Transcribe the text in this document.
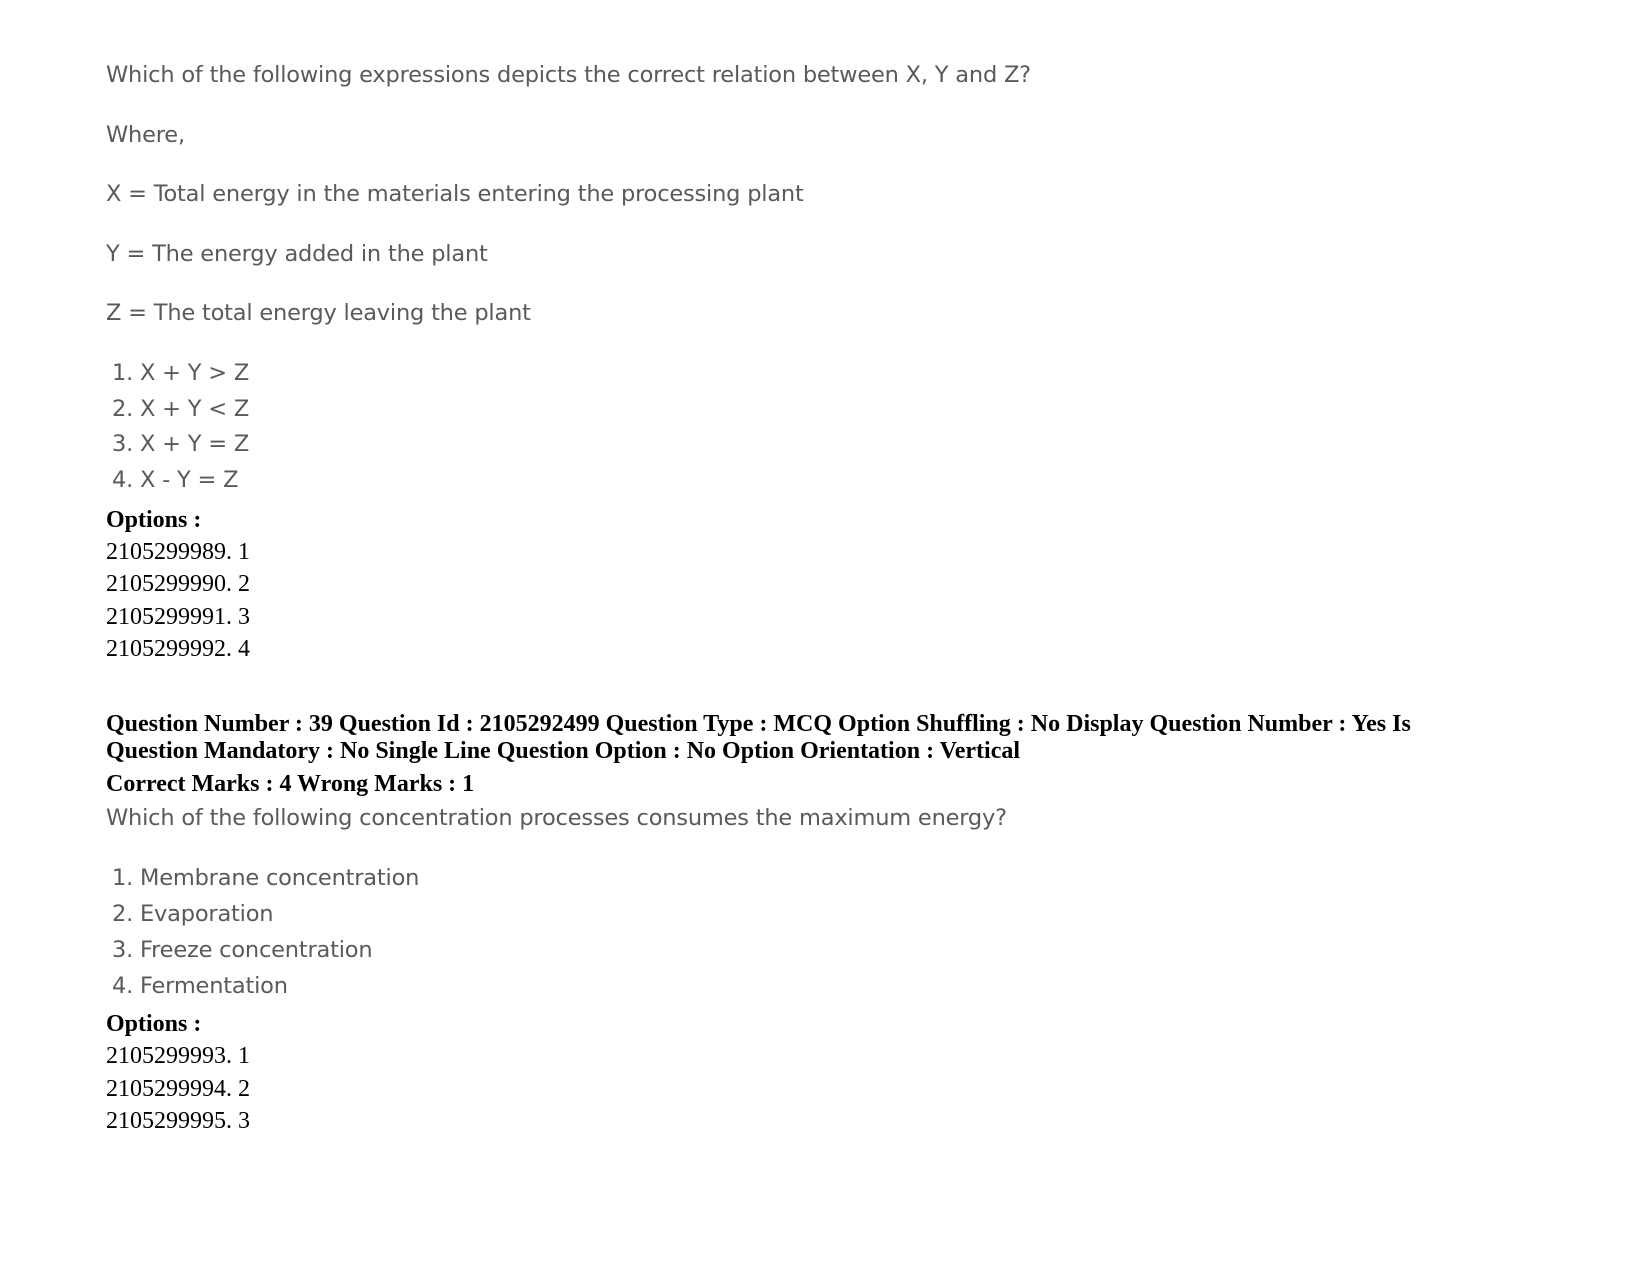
Which of the following expressions depicts the correct relation between X, Y and Z?
Where,
X = Total energy in the materials entering the processing plant
Y = The energy added in the plant
Z = The total energy leaving the plant
1. X + Y > Z
2. X + Y < Z
3. X + Y = Z
4. X - Y = Z
Options :
2105299989. 1
2105299990. 2
2105299991. 3
2105299992. 4
Question Number : 39 Question Id : 2105292499 Question Type : MCQ Option Shuffling : No Display Question Number : Yes Is
Question Mandatory : No Single Line Question Option : No Option Orientation : Vertical
Correct Marks : 4 Wrong Marks : 1
Which of the following concentration processes consumes the maximum energy?
1. Membrane concentration
2. Evaporation
3. Freeze concentration
4. Fermentation
Options :
2105299993. 1
2105299994. 2
2105299995. 3
